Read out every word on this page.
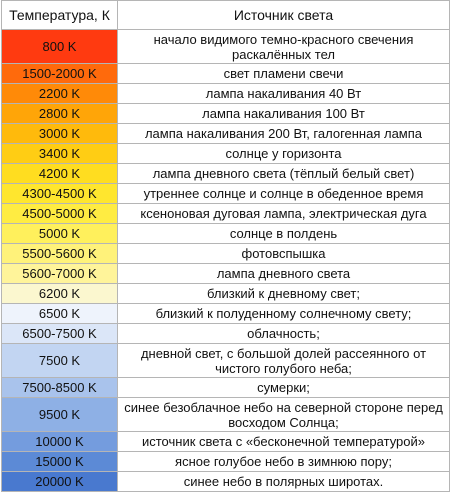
Температура, К	Источник света
800 K	начало видимого темно-красного свечения раскалённых тел
1500-2000 K	свет пламени свечи
2200 K	лампа накаливания 40 Вт
2800 K	лампа накаливания 100 Вт
3000 K	лампа накаливания 200 Вт, галогенная лампа
3400 K	солнце у горизонта
4200 K	лампа дневного света (тёплый белый свет)
4300-4500 K	утреннее солнце и солнце в обеденное время
4500-5000 K	ксеноновая дуговая лампа, электрическая дуга
5000 K	солнце в полдень
5500-5600 K	фотовспышка
5600-7000 K	лампа дневного света
6200 K	близкий к дневному свет;
6500 K	близкий к полуденному солнечному свету;
6500-7500 K	облачность;
7500 K	дневной свет, с большой долей рассеянного от чистого голубого неба;
7500-8500 K	сумерки;
9500 K	синее безоблачное небо на северной стороне перед восходом Солнца;
10000 K	источник света с «бесконечной температурой»
15000 K	ясное голубое небо в зимнюю пору;
20000 K	синее небо в полярных широтах.
